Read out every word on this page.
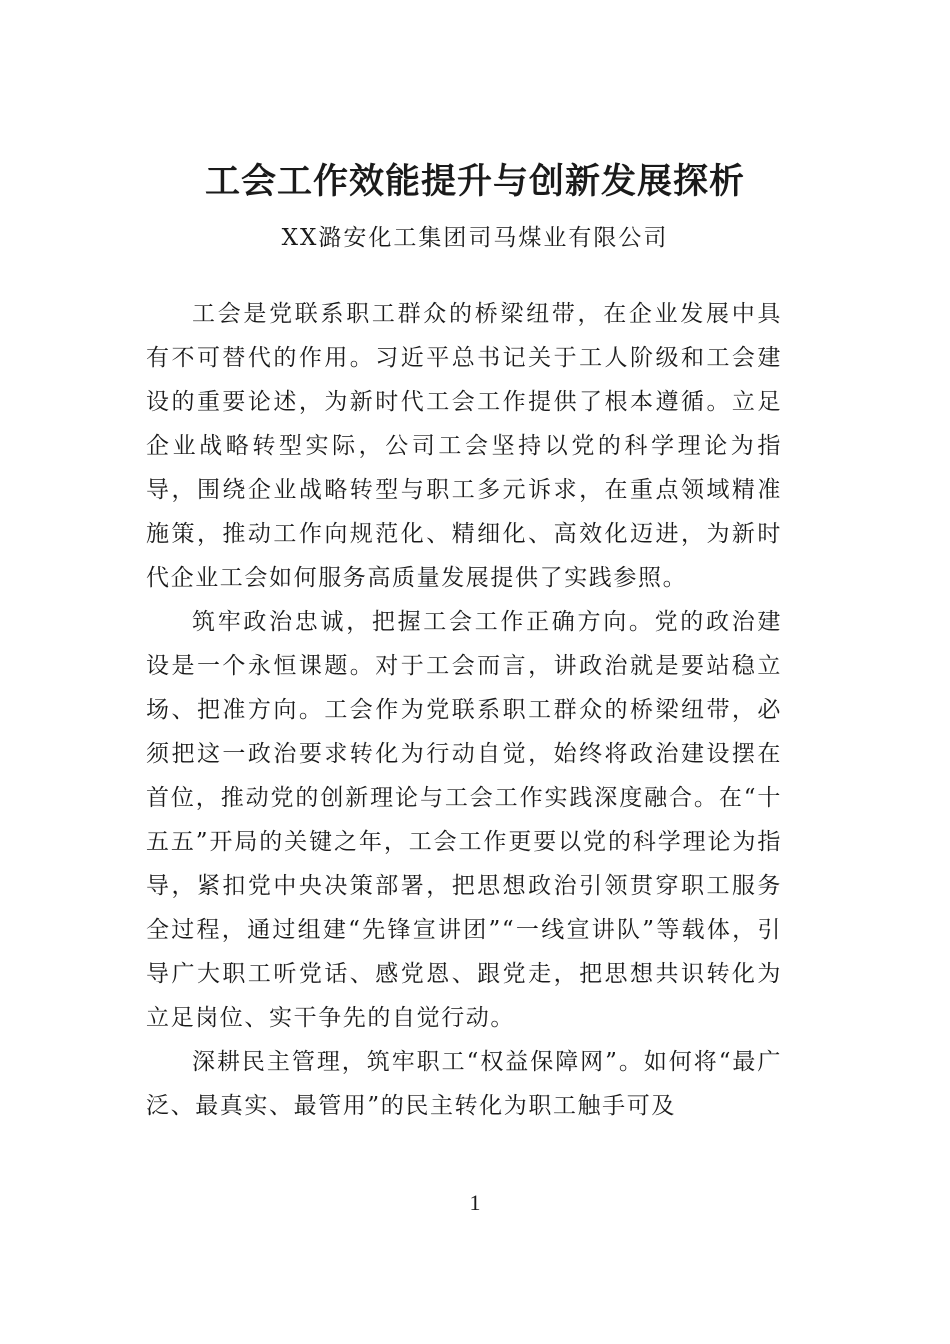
工会工作效能提升与创新发展探析
XX潞安化工集团司马煤业有限公司

工会是党联系职工群众的桥梁纽带，在企业发展中具有不可替代的作用。习近平总书记关于工人阶级和工会建设的重要论述，为新时代工会工作提供了根本遵循。立足企业战略转型实际，公司工会坚持以党的科学理论为指导，围绕企业战略转型与职工多元诉求，在重点领域精准施策，推动工作向规范化、精细化、高效化迈进，为新时代企业工会如何服务高质量发展提供了实践参照。

筑牢政治忠诚，把握工会工作正确方向。党的政治建设是一个永恒课题。对于工会而言，讲政治就是要站稳立场、把准方向。工会作为党联系职工群众的桥梁纽带，必须把这一政治要求转化为行动自觉，始终将政治建设摆在首位，推动党的创新理论与工会工作实践深度融合。在“十五五”开局的关键之年，工会工作更要以党的科学理论为指导，紧扣党中央决策部署，把思想政治引领贯穿职工服务全过程，通过组建“先锋宣讲团”“一线宣讲队”等载体，引导广大职工听党话、感党恩、跟党走，把思想共识转化为立足岗位、实干争先的自觉行动。

深耕民主管理，筑牢职工“权益保障网”。如何将“最广泛、最真实、最管用”的民主转化为职工触手可及

1
